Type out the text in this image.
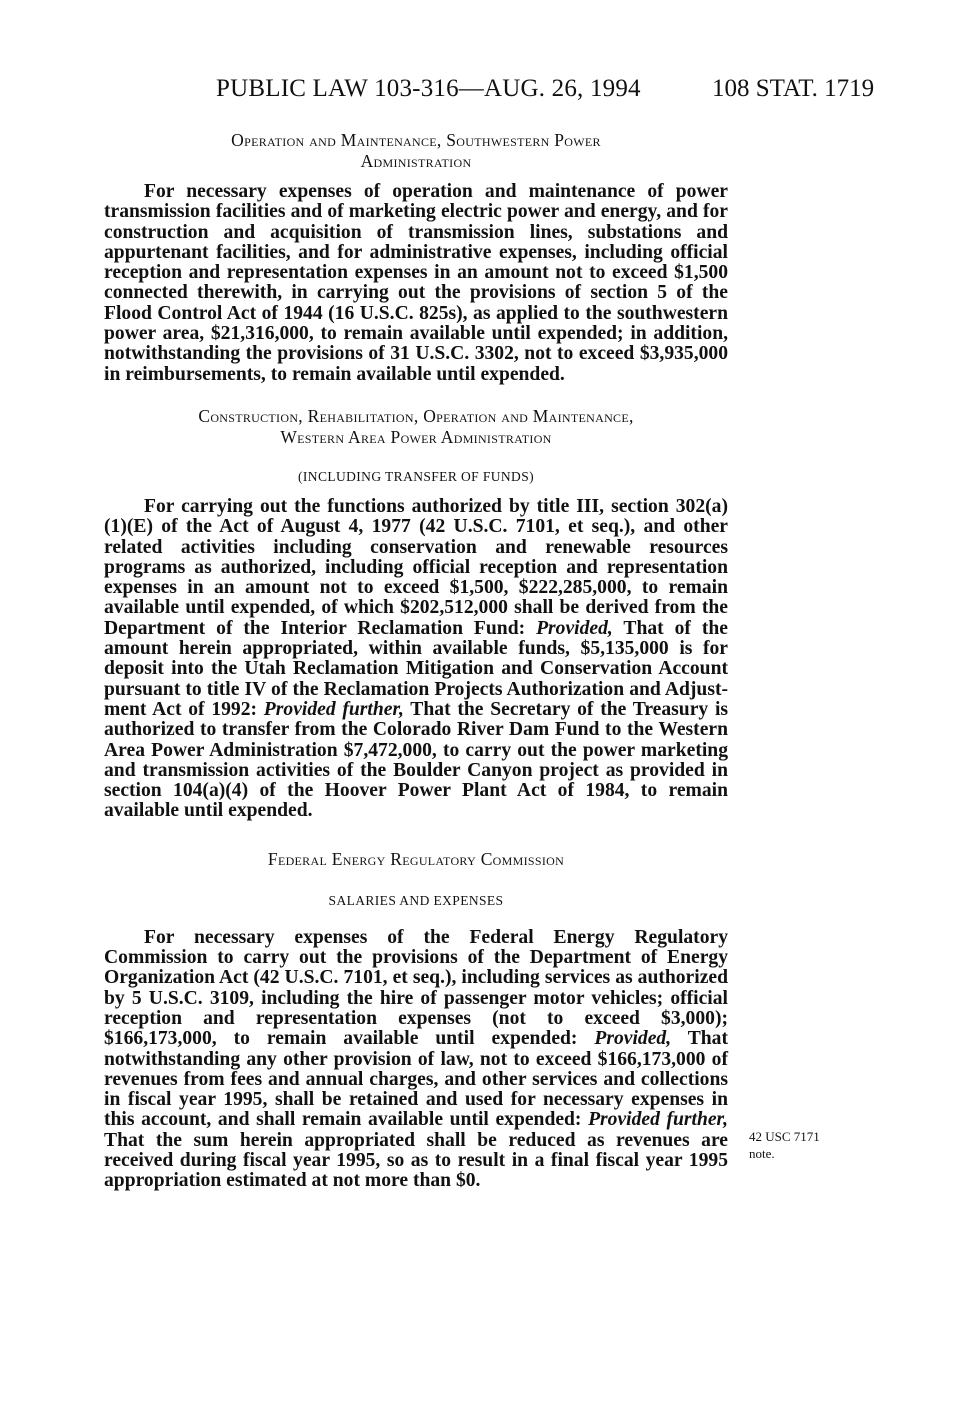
PUBLIC LAW 103-316—AUG. 26, 1994	108 STAT. 1719
Operation and Maintenance, Southwestern Power
Administration

For necessary expenses of operation and maintenance of power transmission facilities and of marketing electric power and energy, and for construction and acquisition of transmission lines, substations and appurtenant facilities, and for administrative expenses, including official reception and representation expenses in an amount not to exceed $1,500 connected therewith, in carrying out the provisions of section 5 of the Flood Control Act of 1944 (16 U.S.C. 825s), as applied to the southwestern power area, $21,316,000, to remain available until expended; in addition, notwithstanding the provisions of 31 U.S.C. 3302, not to exceed $3,935,000 in reimbursements, to remain available until expended.

Construction, Rehabilitation, Operation and Maintenance,
Western Area Power Administration
(INCLUDING TRANSFER OF FUNDS)

For carrying out the functions authorized by title III, section 302(a)(1)(E) of the Act of August 4, 1977 (42 U.S.C. 7101, et seq.), and other related activities including conservation and renewable resources programs as authorized, including official reception and representation expenses in an amount not to exceed $1,500, $222,285,000, to remain available until expended, of which $202,512,000 shall be derived from the Department of the Interior Reclamation Fund: Provided, That of the amount herein appropriated, within available funds, $5,135,000 is for deposit into the Utah Reclamation Mitigation and Conservation Account pursuant to title IV of the Reclamation Projects Authorization and Adjustment Act of 1992: Provided further, That the Secretary of the Treasury is authorized to transfer from the Colorado River Dam Fund to the Western Area Power Administration $7,472,000, to carry out the power marketing and transmission activities of the Boulder Canyon project as provided in section 104(a)(4) of the Hoover Power Plant Act of 1984, to remain available until expended.

Federal Energy Regulatory Commission
SALARIES AND EXPENSES

For necessary expenses of the Federal Energy Regulatory Commission to carry out the provisions of the Department of Energy Organization Act (42 U.S.C. 7101, et seq.), including services as authorized by 5 U.S.C. 3109, including the hire of passenger motor vehicles; official reception and representation expenses (not to exceed $3,000); $166,173,000, to remain available until expended: Provided, That notwithstanding any other provision of law, not to exceed $166,173,000 of revenues from fees and annual charges, and other services and collections in fiscal year 1995, shall be retained and used for necessary expenses in this account, and shall remain available until expended: Provided further, That the sum herein appropriated shall be reduced as revenues are received during fiscal year 1995, so as to result in a final fiscal year 1995 appropriation estimated at not more than $0.

42 USC 7171
note.
